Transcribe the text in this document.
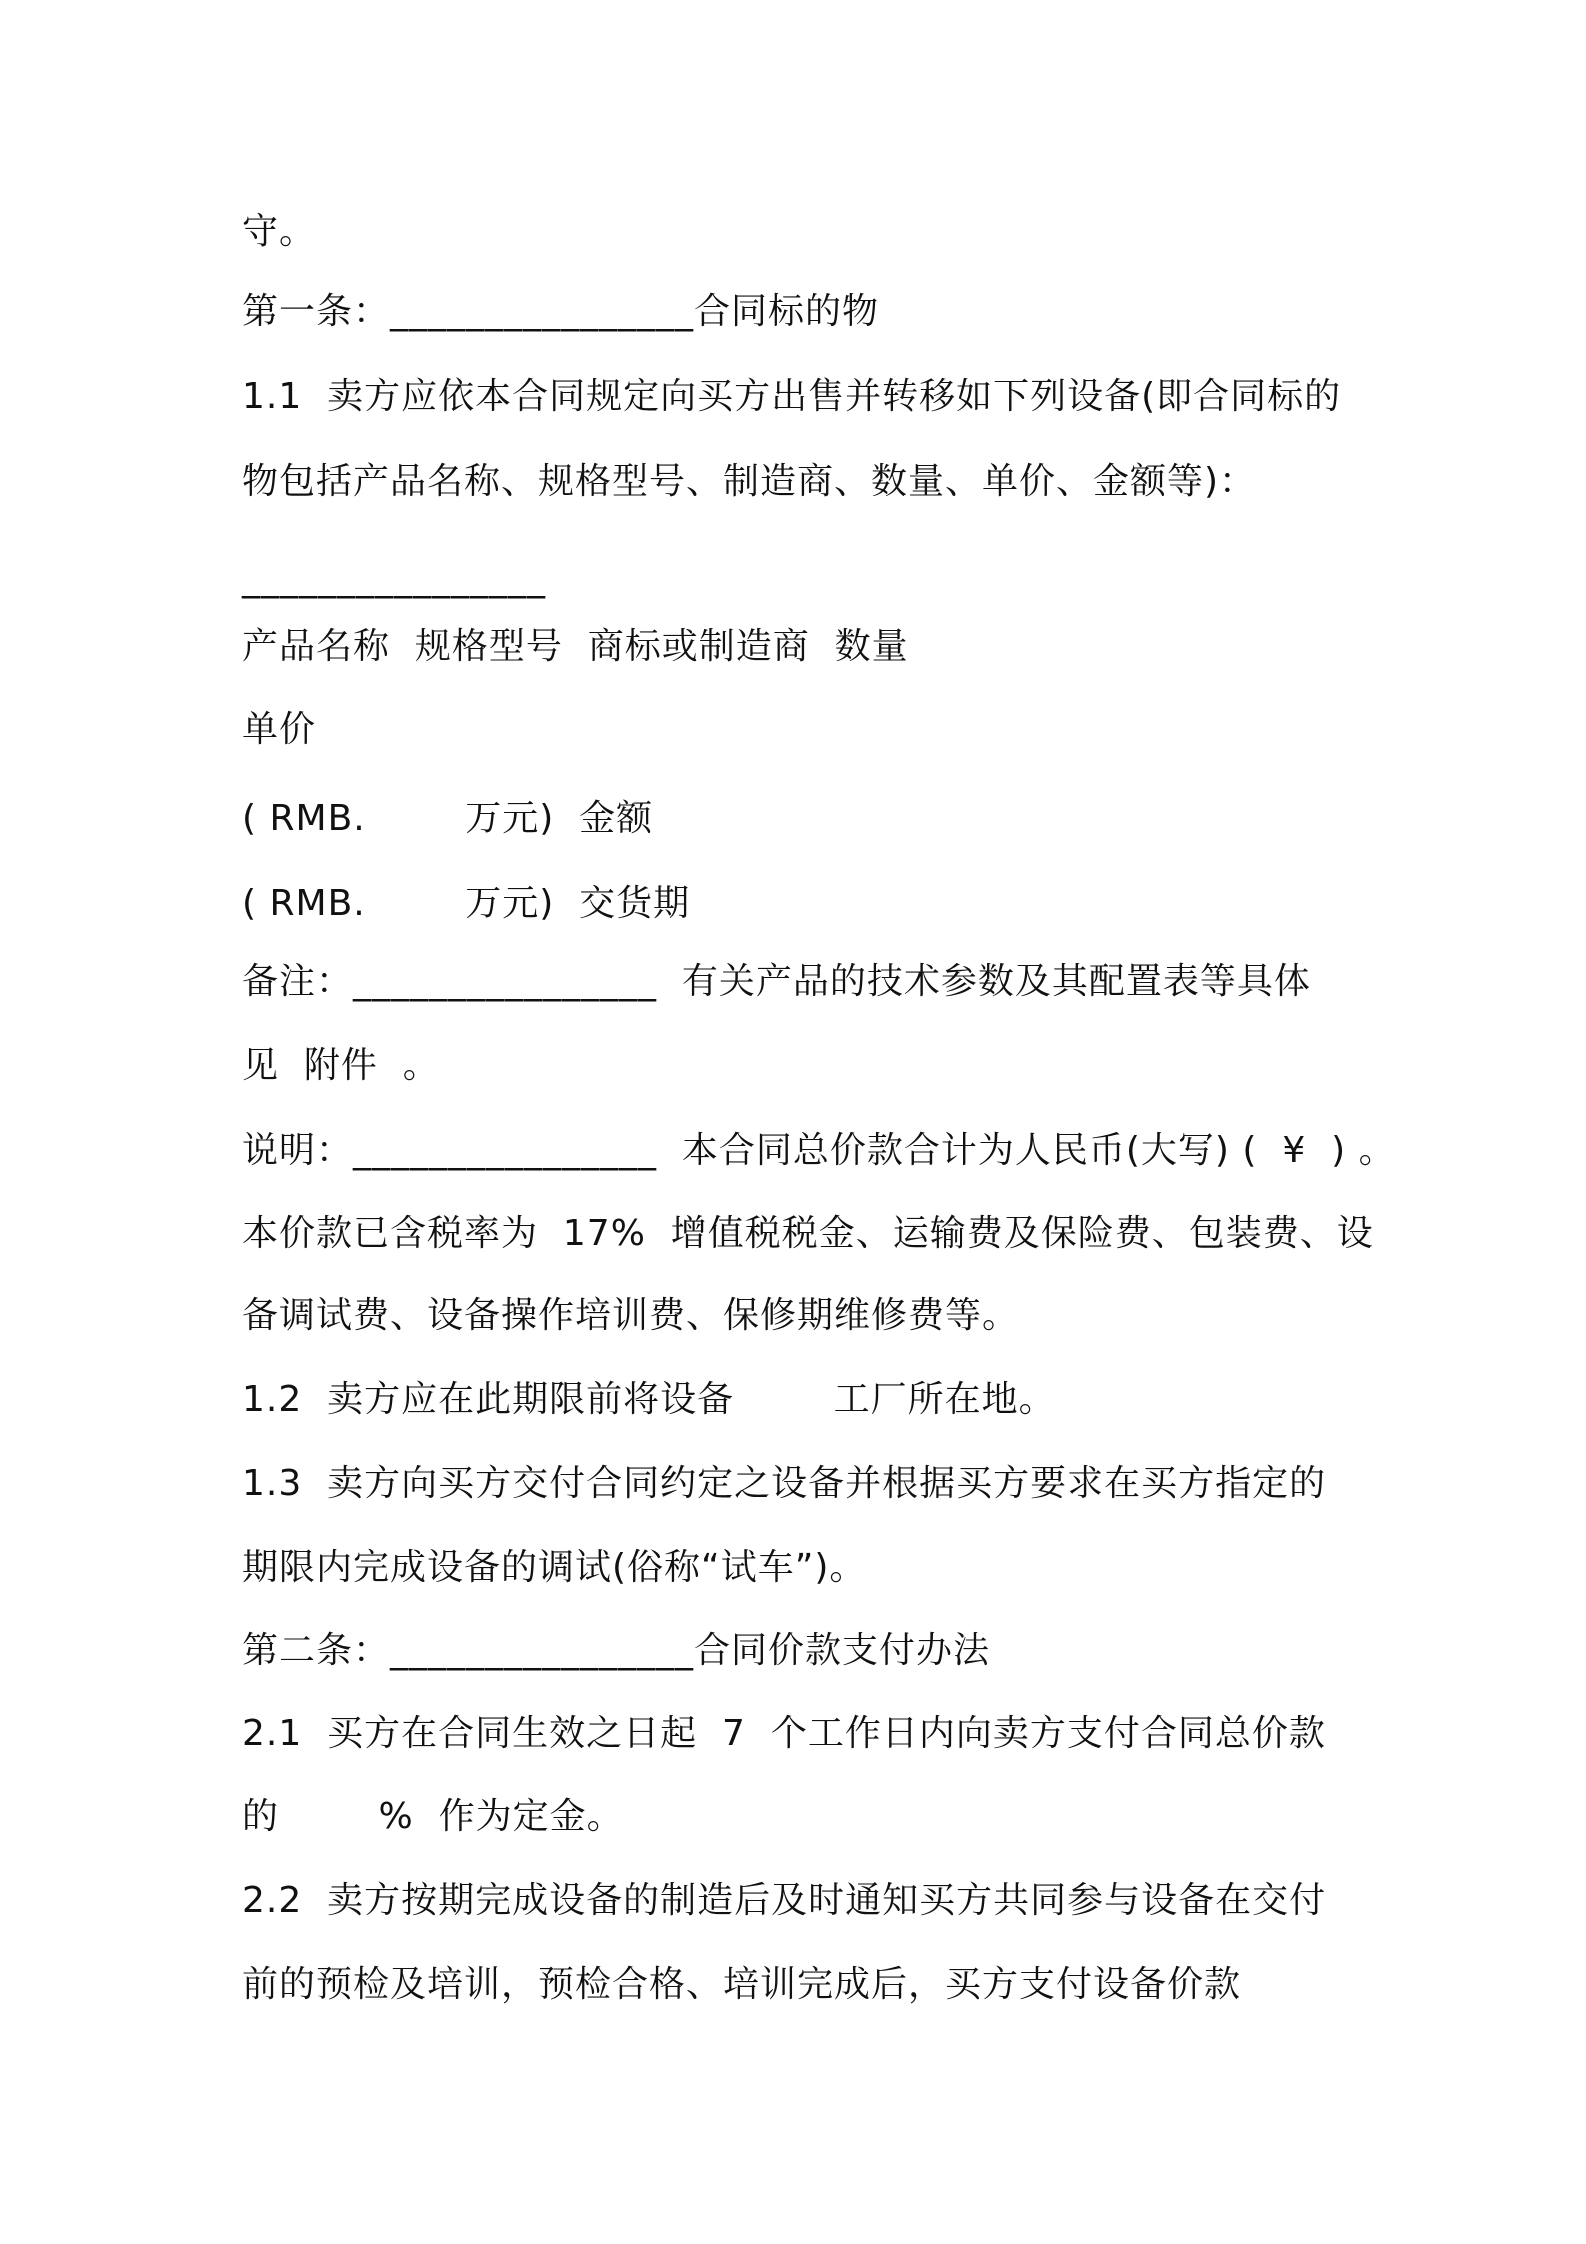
守。
第一条：________________合同标的物
1.1  卖方应依本合同规定向买方出售并转移如下列设备(即合同标的
物包括产品名称、规格型号、制造商、数量、单价、金额等)：
________________
产品名称  规格型号  商标或制造商  数量
单价
( RMB.        万元)  金额
( RMB.        万元)  交货期
备注：________________  有关产品的技术参数及其配置表等具体
见  附件  。
说明：________________  本合同总价款合计为人民币(大写) (  ¥  ) 。
本价款已含税率为  17%  增值税税金、运输费及保险费、包装费、设
备调试费、设备操作培训费、保修期维修费等。
1.2  卖方应在此期限前将设备        工厂所在地。
1.3  卖方向买方交付合同约定之设备并根据买方要求在买方指定的
期限内完成设备的调试(俗称“试车”)。
第二条：________________合同价款支付办法
2.1  买方在合同生效之日起  7  个工作日内向卖方支付合同总价款
的        %  作为定金。
2.2  卖方按期完成设备的制造后及时通知买方共同参与设备在交付
前的预检及培训，预检合格、培训完成后，买方支付设备价款
